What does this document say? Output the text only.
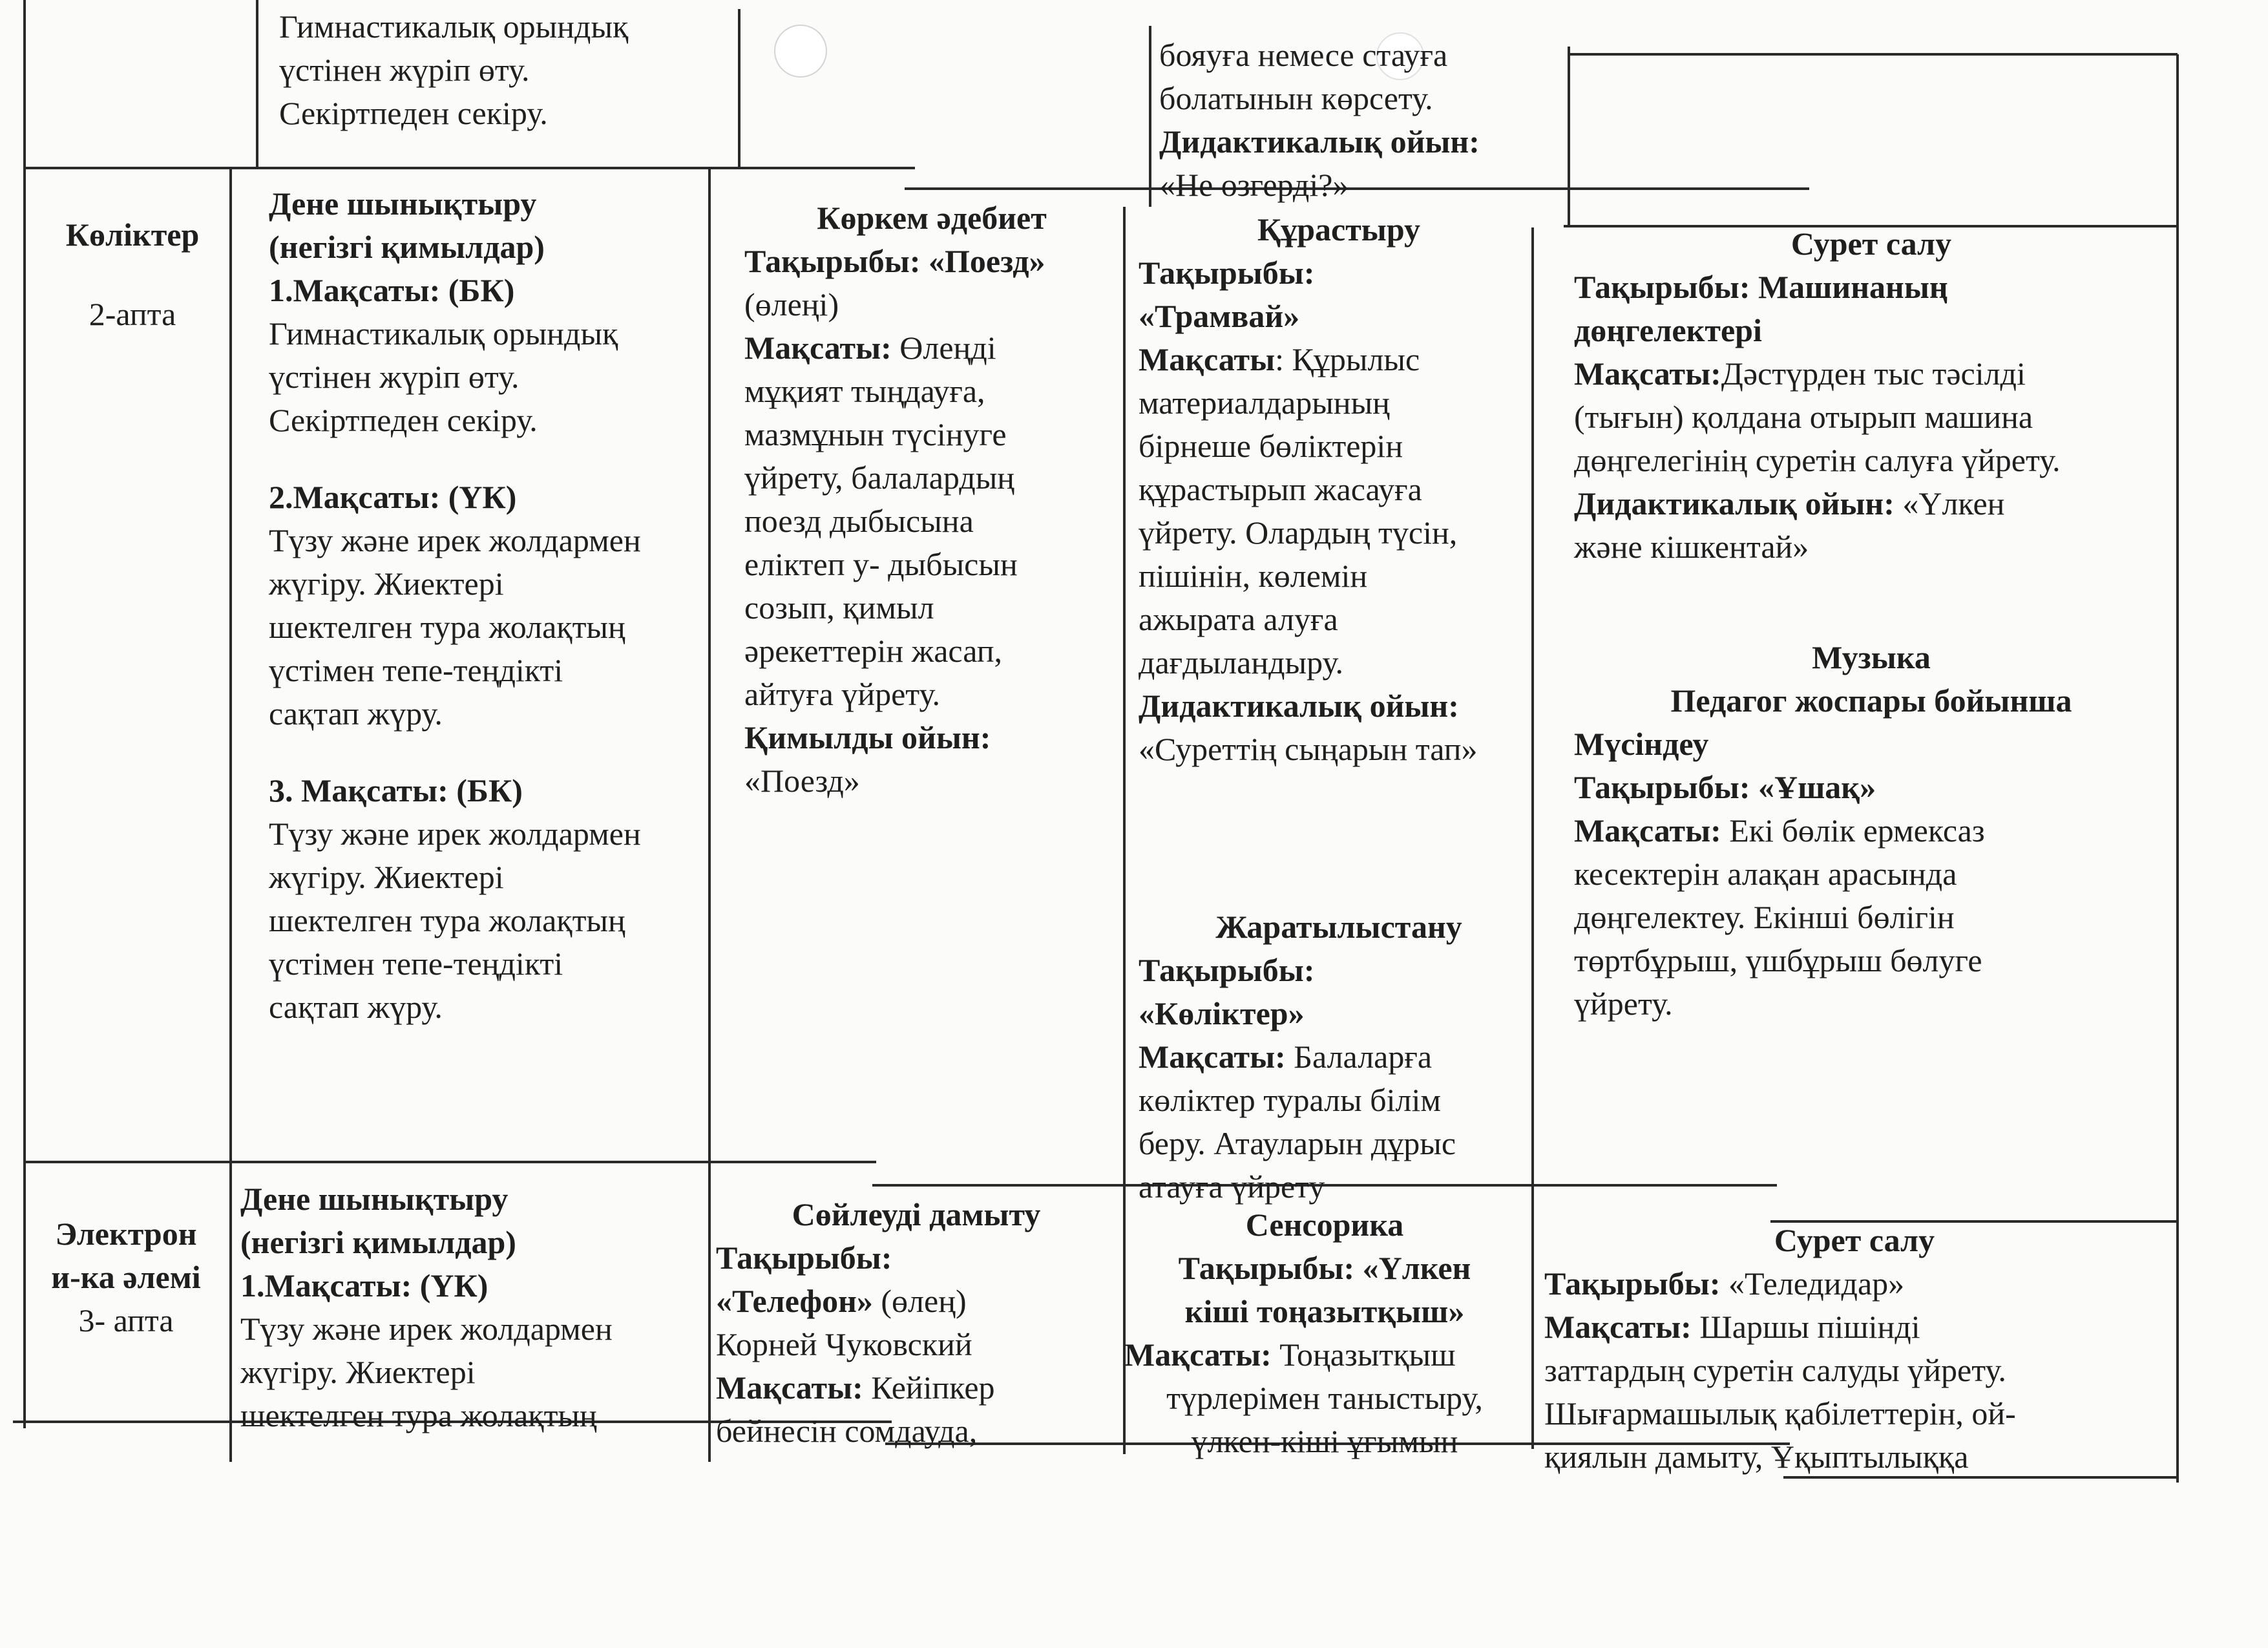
Гимнастикалық орындық

үстінен жүріп өту.

Секіртпеден секіру.

бояуға немесе стауға

болатынын көрсету.

Дидактикалық ойын:

«Не өзгерді?»

Көліктер

2-апта

Дене шынықтыру

(негізгі қимылдар)

1.Мақсаты: (БК)

Гимнастикалық орындық

үстінен жүріп өту.

Секіртпеден секіру.

2.Мақсаты: (ҮК)

Түзу және ирек жолдармен

жүгіру. Жиектері

шектелген тура жолақтың

үстімен тепе-теңдікті

сақтап жүру.

3. Мақсаты: (БК)

Түзу және ирек жолдармен

жүгіру. Жиектері

шектелген тура жолақтың

үстімен тепе-теңдікті

сақтап жүру.

Көркем әдебиет

Тақырыбы: «Поезд»

(өлеңі)

Мақсаты: Өлеңді

мұқият тыңдауға,

мазмұнын түсінуге

үйрету, балалардың

поезд дыбысына

еліктеп у- дыбысын

созып, қимыл

әрекеттерін жасап,

айтуға үйрету.

Қимылды ойын:

«Поезд»

Құрастыру

Тақырыбы:

«Трамвай»

Мақсаты: Құрылыс

материалдарының

бірнеше бөліктерін

құрастырып жасауға

үйрету. Олардың түсін,

пішінін, көлемін

ажырата алуға

дағдыландыру.

Дидактикалық ойын:

«Суреттің сыңарын тап»

Жаратылыстану

Тақырыбы:

«Көліктер»

Мақсаты: Балаларға

көліктер туралы білім

беру. Атауларын дұрыс

атауға үйрету

Сурет салу

Тақырыбы: Машинаның

дөңгелектері

Мақсаты:Дәстүрден тыс тәсілді

(тығын) қолдана отырып машина

дөңгелегінің суретін салуға үйрету.

Дидактикалық ойын: «Үлкен

және кішкентай»

Музыка

Педагог жоспары бойынша

Мүсіндеу

Тақырыбы: «Ұшақ»

Мақсаты: Екі бөлік ермексаз

кесектерін алақан арасында

дөңгелектеу. Екінші бөлігін

төртбұрыш, үшбұрыш бөлуге

үйрету.

Электрон

и-ка әлемі

3- апта

Дене шынықтыру

(негізгі қимылдар)

1.Мақсаты: (ҮК)

Түзу және ирек жолдармен

жүгіру. Жиектері

шектелген тура жолақтың

Сөйлеуді дамыту

Тақырыбы:

«Телефон» (өлең)

Корней Чуковский

Мақсаты: Кейіпкер

бейнесін сомдауда,

Сенсорика

Тақырыбы: «Үлкен

кіші тоңазытқыш»

Мақсаты: Тоңазытқыш

түрлерімен таныстыру,

үлкен-кіші ұғымын

Сурет салу

Тақырыбы: «Теледидар»

Мақсаты: Шаршы пішінді

заттардың суретін салуды үйрету.

Шығармашылық қабілеттерін, ой-

қиялын дамыту, Ұқыптылыққа
